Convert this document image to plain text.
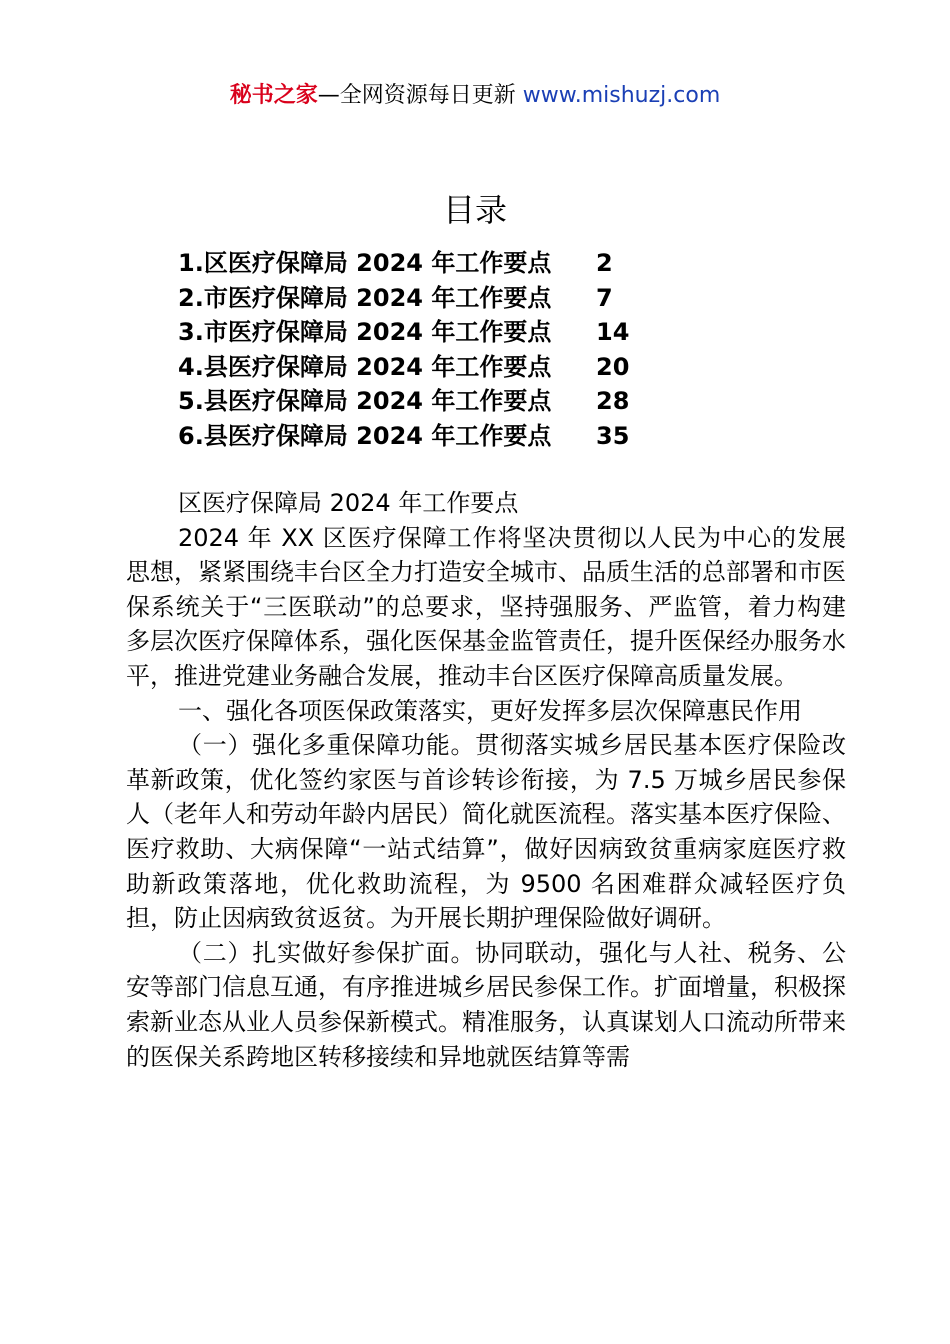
秘书之家—全网资源每日更新 www.mishuzj.com
目录
1.区医疗保障局 2024 年工作要点	2
2.市医疗保障局 2024 年工作要点	7
3.市医疗保障局 2024 年工作要点	14
4.县医疗保障局 2024 年工作要点	20
5.县医疗保障局 2024 年工作要点	28
6.县医疗保障局 2024 年工作要点	35

区医疗保障局 2024 年工作要点

2024 年 XX 区医疗保障工作将坚决贯彻以人民为中心的发展思想，紧紧围绕丰台区全力打造安全城市、品质生活的总部署和市医保系统关于“三医联动”的总要求，坚持强服务、严监管，着力构建多层次医疗保障体系，强化医保基金监管责任，提升医保经办服务水平，推进党建业务融合发展，推动丰台区医疗保障高质量发展。

一、强化各项医保政策落实，更好发挥多层次保障惠民作用

（一）强化多重保障功能。贯彻落实城乡居民基本医疗保险改革新政策，优化签约家医与首诊转诊衔接，为 7.5 万城乡居民参保人（老年人和劳动年龄内居民）简化就医流程。落实基本医疗保险、医疗救助、大病保障“一站式结算”，做好因病致贫重病家庭医疗救助新政策落地，优化救助流程，为 9500 名困难群众减轻医疗负担，防止因病致贫返贫。为开展长期护理保险做好调研。

（二）扎实做好参保扩面。协同联动，强化与人社、税务、公安等部门信息互通，有序推进城乡居民参保工作。扩面增量，积极探索新业态从业人员参保新模式。精准服务，认真谋划人口流动所带来的医保关系跨地区转移接续和异地就医结算等需
